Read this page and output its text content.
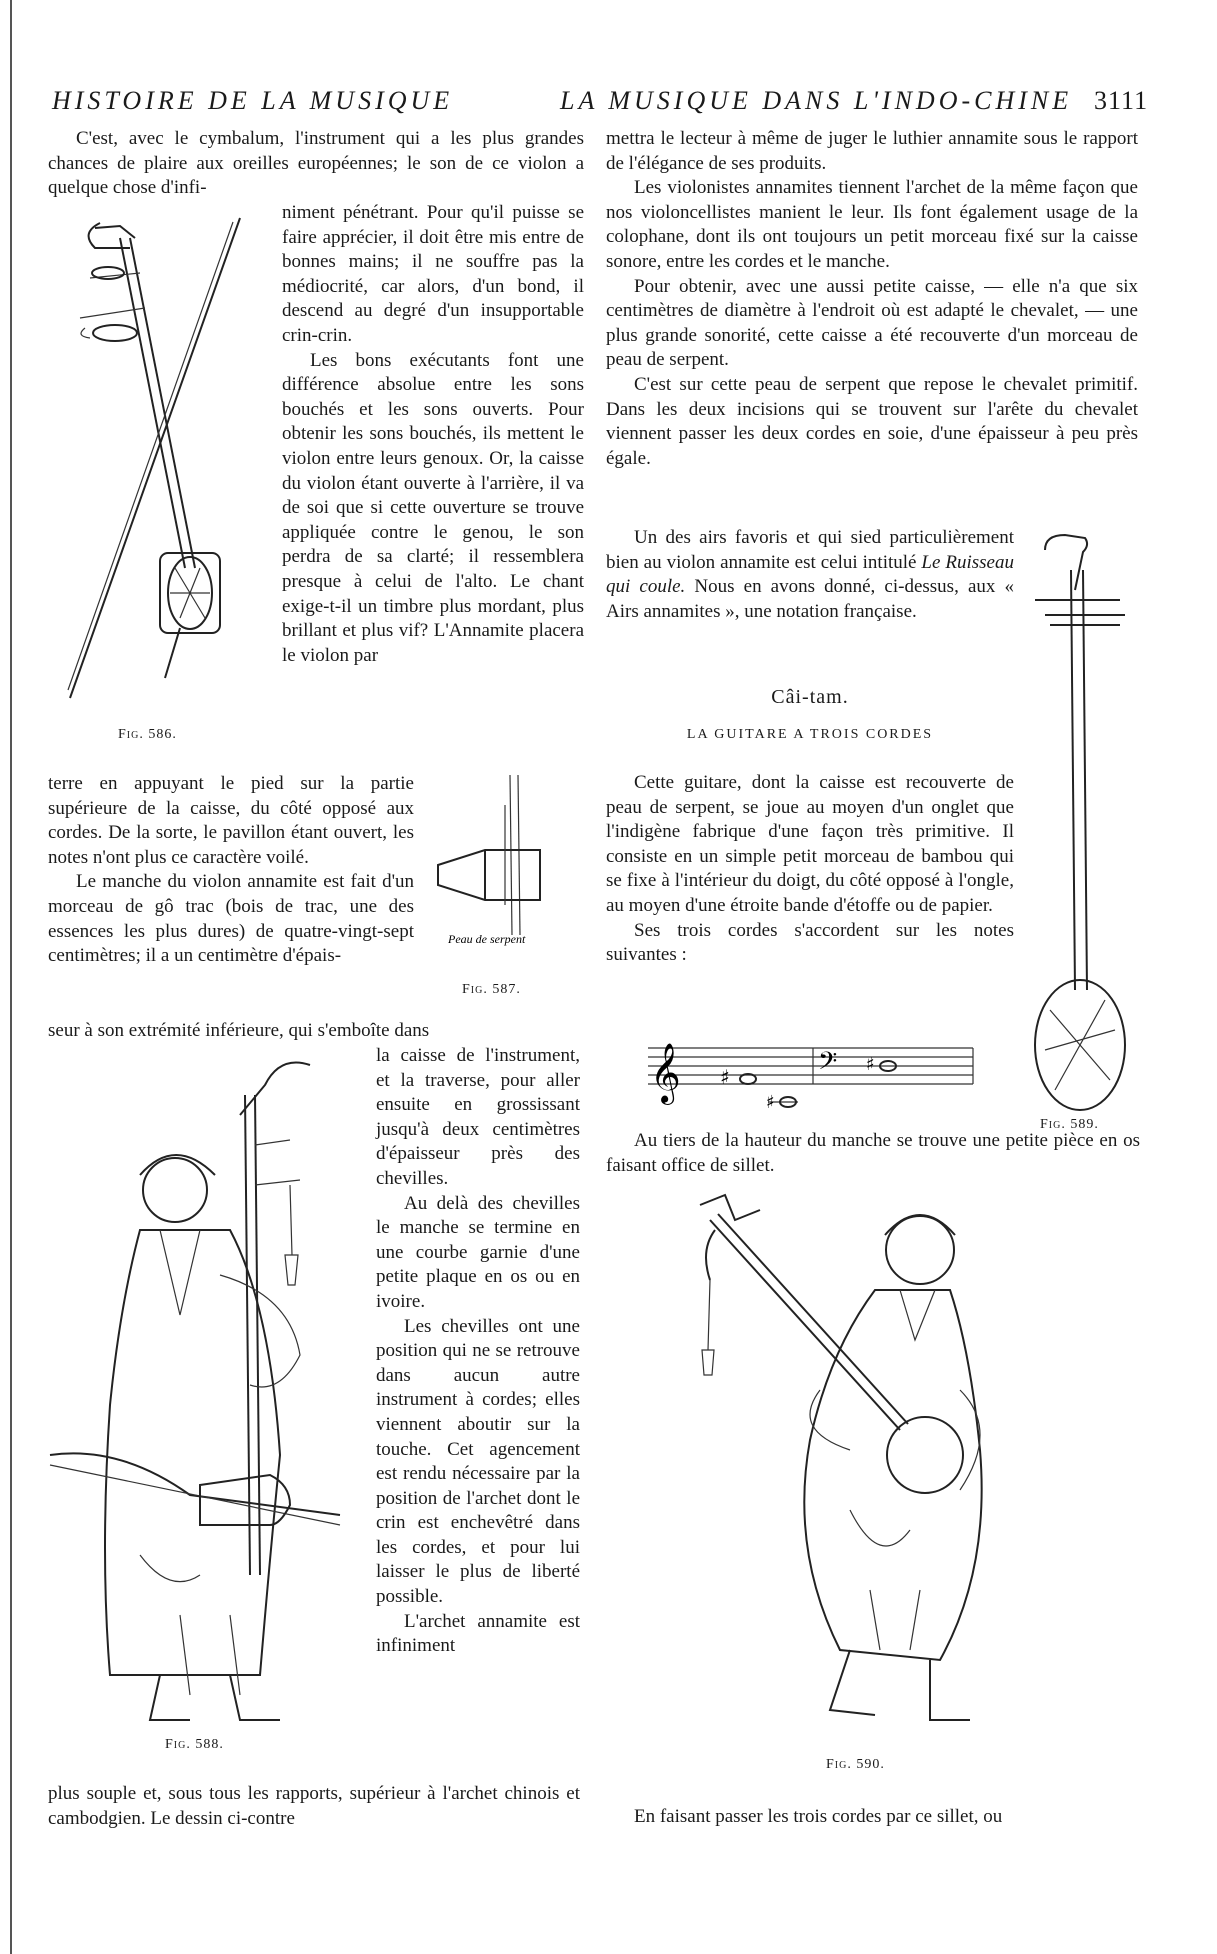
HISTOIRE DE LA MUSIQUE	LA MUSIQUE DANS L'INDO-CHINE 3111

C'est, avec le cymbalum, l'instrument qui a les plus grandes chances de plaire aux oreilles européennes; le son de ce violon a quelque chose d'infi-

Fig. 586.

niment pénétrant. Pour qu'il puisse se faire apprécier, il doit être mis entre de bonnes mains; il ne souffre pas la médiocrité, car alors, d'un bond, il descend au degré d'un insupportable crin-crin.

Les bons exécutants font une différence absolue entre les sons bouchés et les sons ouverts. Pour obtenir les sons bouchés, ils mettent le violon entre leurs genoux. Or, la caisse du violon étant ouverte à l'arrière, il va de soi que si cette ouverture se trouve appliquée contre le genou, le son perdra de sa clarté; il ressemblera presque à celui de l'alto. Le chant exige-t-il un timbre plus mordant, plus brillant et plus vif? L'Annamite placera le violon par

terre en appuyant le pied sur la partie supérieure de la caisse, du côté opposé aux cordes. De la sorte, le pavillon étant ouvert, les notes n'ont plus ce caractère voilé.

Le manche du violon annamite est fait d'un morceau de gô trac (bois de trac, une des essences les plus dures) de quatre-vingt-sept centimètres; il a un centimètre d'épais-

Peau de serpent
Fig. 587.

seur à son extrémité inférieure, qui s'emboîte dans

Fig. 588.

la caisse de l'instrument, et la traverse, pour aller ensuite en grossissant jusqu'à deux centimètres d'épaisseur près des chevilles.

Au delà des chevilles le manche se termine en une courbe garnie d'une petite plaque en os ou en ivoire.

Les chevilles ont une position qui ne se retrouve dans aucun autre instrument à cordes; elles viennent aboutir sur la touche. Cet agencement est rendu nécessaire par la position de l'archet dont le crin est enchevêtré dans les cordes, et pour lui laisser le plus de liberté possible.

L'archet annamite est infiniment

plus souple et, sous tous les rapports, supérieur à l'archet chinois et cambodgien. Le dessin ci-contre

mettra le lecteur à même de juger le luthier annamite sous le rapport de l'élégance de ses produits.

Les violonistes annamites tiennent l'archet de la même façon que nos violoncellistes manient le leur. Ils font également usage de la colophane, dont ils ont toujours un petit morceau fixé sur la caisse sonore, entre les cordes et le manche.

Pour obtenir, avec une aussi petite caisse, — elle n'a que six centimètres de diamètre à l'endroit où est adapté le chevalet, — une plus grande sonorité, cette caisse a été recouverte d'un morceau de peau de serpent.

C'est sur cette peau de serpent que repose le chevalet primitif. Dans les deux incisions qui se trouvent sur l'arête du chevalet viennent passer les deux cordes en soie, d'une épaisseur à peu près égale.

Un des airs favoris et qui sied particulièrement bien au violon annamite est celui intitulé Le Ruisseau qui coule. Nous en avons donné, ci-dessus, aux « Airs annamites », une notation française.

Câi-tam.
LA GUITARE A TROIS CORDES

Cette guitare, dont la caisse est recouverte de peau de serpent, se joue au moyen d'un onglet que l'indigène fabrique d'une façon très primitive. Il consiste en un simple petit morceau de bambou qui se fixe à l'intérieur du doigt, du côté opposé à l'ongle, au moyen d'une étroite bande d'étoffe ou de papier.

Ses trois cordes s'accordent sur les notes suivantes :

𝄞 ♯
♯
𝄢 ♯
Fig. 589.

Au tiers de la hauteur du manche se trouve une petite pièce en os faisant office de sillet.

Fig. 590.

En faisant passer les trois cordes par ce sillet, ou
